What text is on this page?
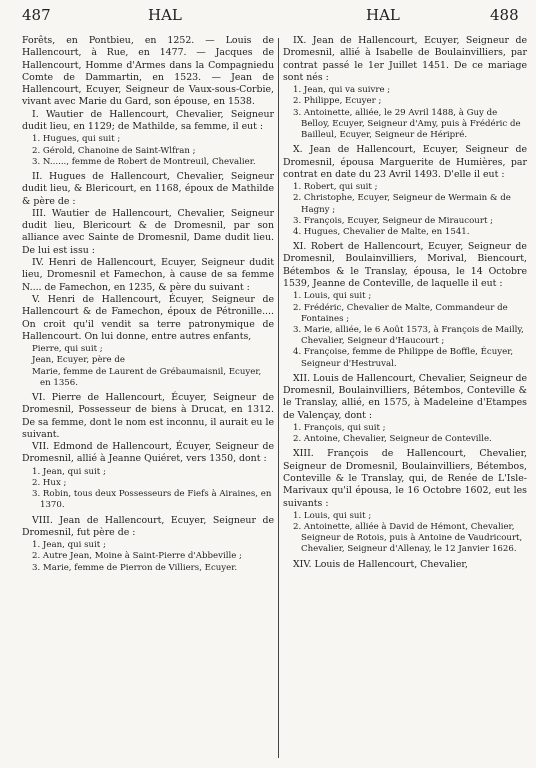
487	HAL	HAL	488

Forêts, en Pontbieu, en 1252. — Louis de Hallencourt, à Rue, en 1477. — Jacques de Hallencourt, Homme d'Armes dans la Compagniedu Comte de Dammartin, en 1523. — Jean de Hallencourt, Ecuyer, Seigneur de Vaux-sous-Corbie, vivant avec Marie du Gard, son épouse, en 1538.

I. Wautier de Hallencourt, Chevalier, Seigneur dudit lieu, en 1129; de Mathilde, sa femme, il eut :

1. Hugues, qui suit ;
2. Gérold, Chanoine de Saint-Wlfran ;
3. N......, femme de Robert de Montreuil, Chevalier.

II. Hugues de Hallencourt, Chevalier, Seigneur dudit lieu, & Blericourt, en 1168, époux de Mathilde & père de :

III. Wautier de Hallencourt, Chevalier, Seigneur dudit lieu, Blericourt & de Dromesnil, par son alliance avec Sainte de Dromesnil, Dame dudit lieu. De lui est issu :

IV. Henri de Hallencourt, Ecuyer, Seigneur dudit lieu, Dromesnil et Famechon, à cause de sa femme N.... de Famechon, en 1235, & père du suivant :

V. Henri de Hallencourt, Écuyer, Seigneur de Hallencourt & de Famechon, époux de Pétronille.... On croit qu'il vendit sa terre patronymique de Hallencourt. On lui donne, entre autres enfants,

Pierre, qui suit ;
Jean, Ecuyer, père de
Marie, femme de Laurent de Grébaumaisnil, Ecuyer, en 1356.

VI. Pierre de Hallencourt, Écuyer, Seigneur de Dromesnil, Possesseur de biens à Drucat, en 1312. De sa femme, dont le nom est inconnu, il aurait eu le suivant.

VII. Edmond de Hallencourt, Écuyer, Seigneur de Dromesnil, allié à Jeanne Quiéret, vers 1350, dont :

1. Jean, qui suit ;
2. Hux ;
3. Robin, tous deux Possesseurs de Fiefs à Airaines, en 1370.

VIII. Jean de Hallencourt, Ecuyer, Seigneur de Dromesnil, fut père de :

1. Jean, qui suit ;
2. Autre Jean, Moine à Saint-Pierre d'Abbeville ;
3. Marie, femme de Pierron de Villiers, Ecuyer.

IX. Jean de Hallencourt, Ecuyer, Seigneur de Dromesnil, allié à Isabelle de Boulainvilliers, par contrat passé le 1er Juillet 1451. De ce mariage sont nés :

1. Jean, qui va suivre ;
2. Philippe, Ecuyer ;
3. Antoinette, alliée, le 29 Avril 1488, à Guy de Belloy, Ecuyer, Seigneur d'Amy, puis à Frédéric de Bailleul, Ecuyer, Seigneur de Héripré.

X. Jean de Hallencourt, Ecuyer, Seigneur de Dromesnil, épousa Marguerite de Humières, par contrat en date du 23 Avril 1493. D'elle il eut :

1. Robert, qui suit ;
2. Christophe, Ecuyer, Seigneur de Wermain & de Hagny ;
3. François, Ecuyer, Seigneur de Miraucourt ;
4. Hugues, Chevalier de Malte, en 1541.

XI. Robert de Hallencourt, Ecuyer, Seigneur de Dromesnil, Boulainvilliers, Morival, Biencourt, Bétembos & le Translay, épousa, le 14 Octobre 1539, Jeanne de Conteville, de laquelle il eut :

1. Louis, qui suit ;
2. Frédéric, Chevalier de Malte, Commandeur de Fontaines ;
3. Marie, alliée, le 6 Août 1573, à François de Mailly, Chevalier, Seigneur d'Haucourt ;
4. Françoise, femme de Philippe de Boffle, Écuyer, Seigneur d'Hestruval.

XII. Louis de Hallencourt, Chevalier, Seigneur de Dromesnil, Boulainvilliers, Bétembos, Conteville & le Translay, allié, en 1575, à Madeleine d'Etampes de Valençay, dont :

1. François, qui suit ;
2. Antoine, Chevalier, Seigneur de Conteville.

XIII. François de Hallencourt, Chevalier, Seigneur de Dromesnil, Boulainvilliers, Bétembos, Conteville & le Translay, qui, de Renée de L'Isle-Marivaux qu'il épousa, le 16 Octobre 1602, eut les suivants :

1. Louis, qui suit ;
2. Antoinette, alliée à David de Hémont, Chevalier, Seigneur de Rotois, puis à Antoine de Vaudricourt, Chevalier, Seigneur d'Allenay, le 12 Janvier 1626.

XIV. Louis de Hallencourt, Chevalier,
